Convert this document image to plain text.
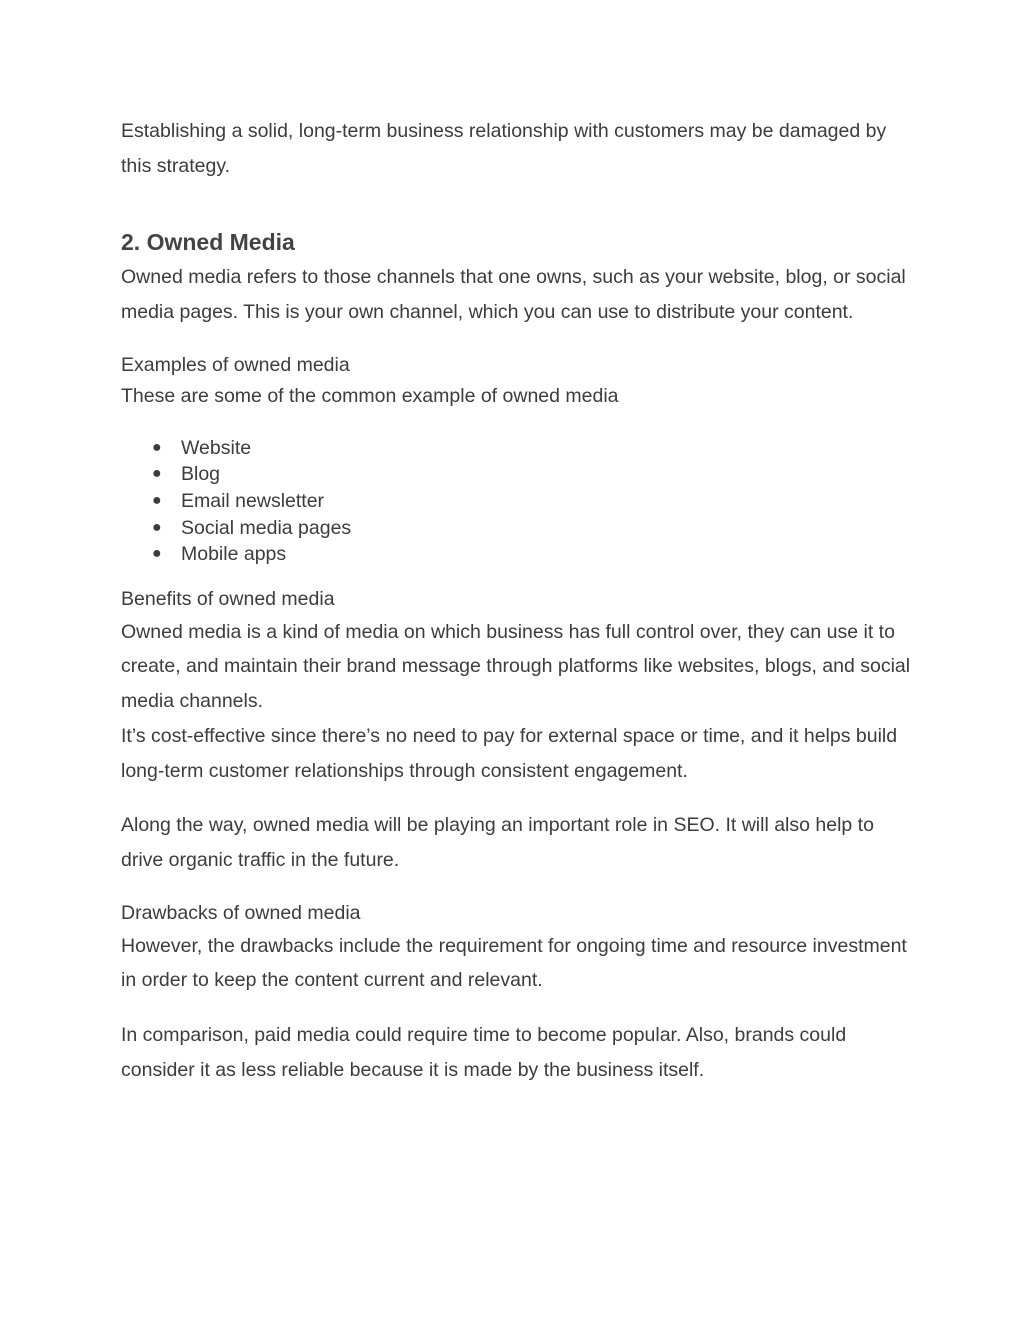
Establishing a solid, long-term business relationship with customers may be damaged by this strategy.

2. Owned Media

Owned media refers to those channels that one owns, such as your website, blog, or social media pages. This is your own channel, which you can use to distribute your content.

Examples of owned media

These are some of the common example of owned media

● Website
● Blog
● Email newsletter
● Social media pages
● Mobile apps

Benefits of owned media

Owned media is a kind of media on which business has full control over, they can use it to create, and maintain their brand message through platforms like websites, blogs, and social media channels.

It’s cost-effective since there’s no need to pay for external space or time, and it helps build long-term customer relationships through consistent engagement.

Along the way, owned media will be playing an important role in SEO. It will also help to drive organic traffic in the future.

Drawbacks of owned media

However, the drawbacks include the requirement for ongoing time and resource investment in order to keep the content current and relevant.

In comparison, paid media could require time to become popular. Also, brands could consider it as less reliable because it is made by the business itself.
